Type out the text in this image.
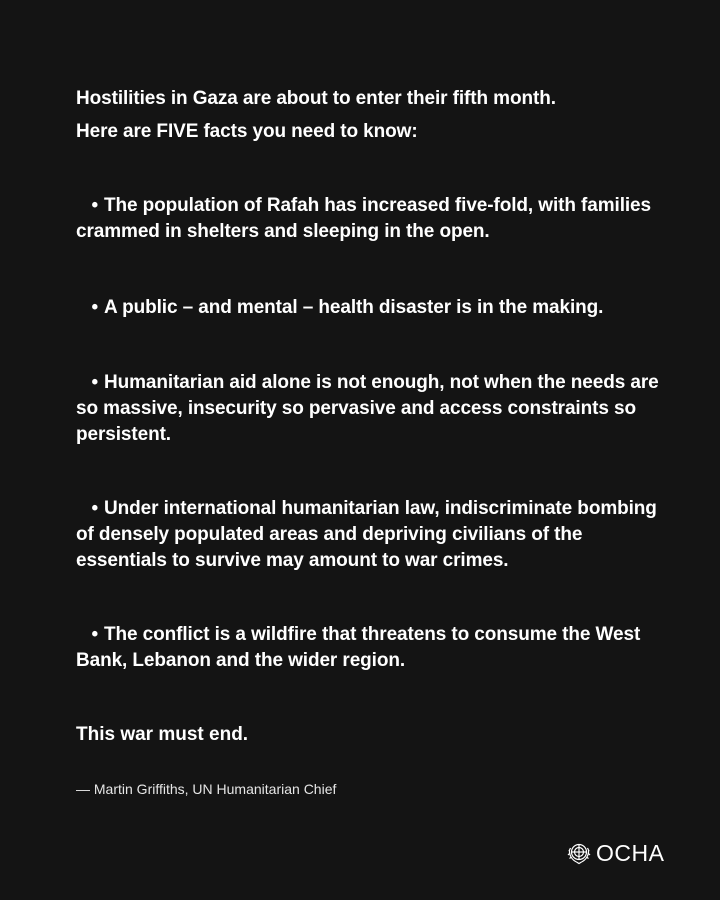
Hostilities in Gaza are about to enter their fifth month.

Here are FIVE facts you need to know:

• The population of Rafah has increased five-fold, with families crammed in shelters and sleeping in the open.
• A public – and mental – health disaster is in the making.
• Humanitarian aid alone is not enough, not when the needs are so massive, insecurity so pervasive and access constraints so persistent.
• Under international humanitarian law, indiscriminate bombing of densely populated areas and depriving civilians of the essentials to survive may amount to war crimes.
• The conflict is a wildfire that threatens to consume the West Bank, Lebanon and the wider region.

This war must end.

— Martin Griffiths, UN Humanitarian Chief

OCHA
